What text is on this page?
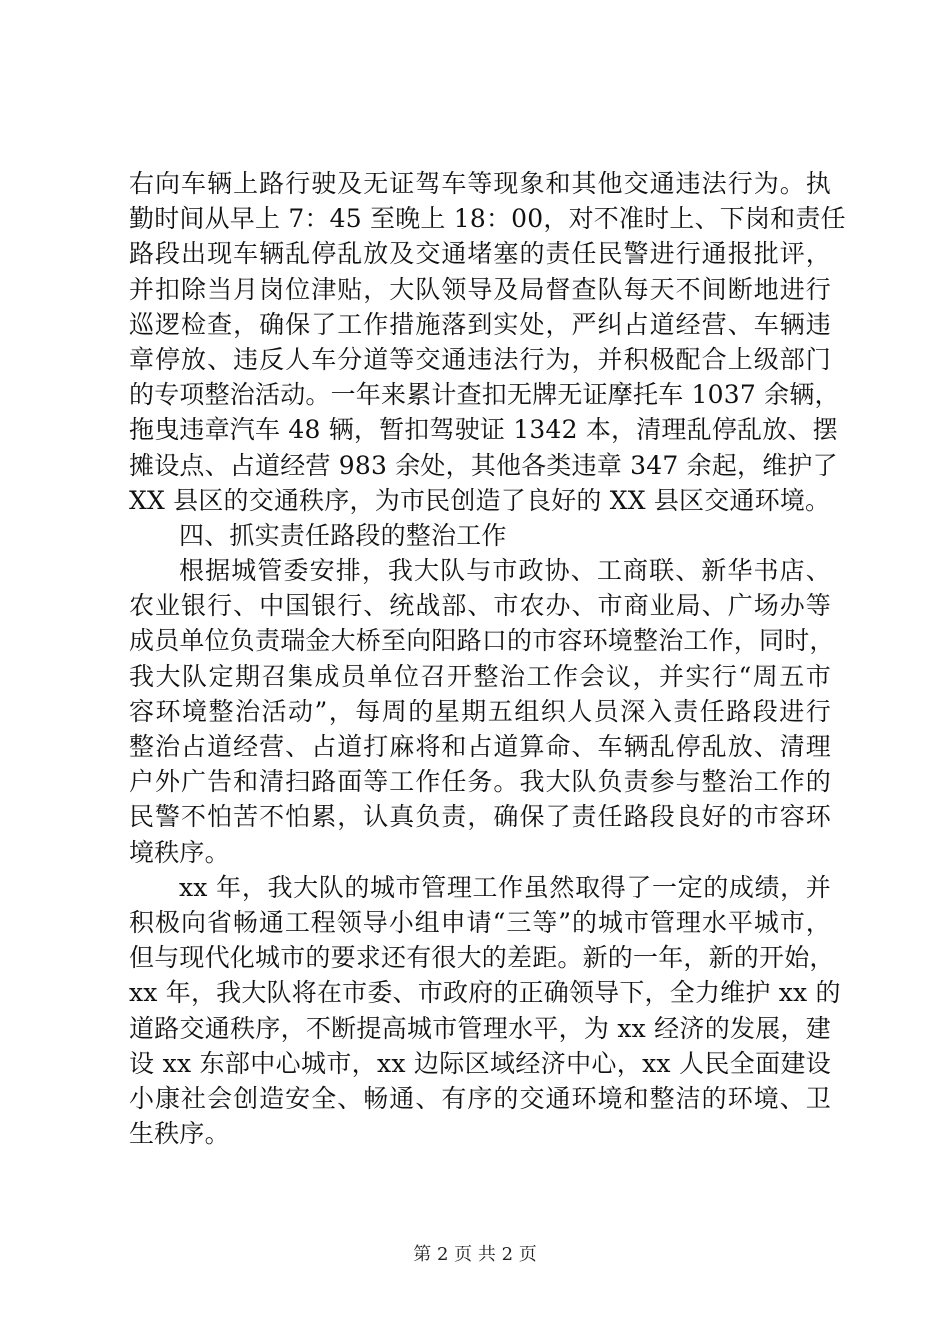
右向车辆上路行驶及无证驾车等现象和其他交通违法行为。执
勤时间从早上 7：45 至晚上 18：00，对不准时上、下岗和责任
路段出现车辆乱停乱放及交通堵塞的责任民警进行通报批评，
并扣除当月岗位津贴，大队领导及局督查队每天不间断地进行
巡逻检查，确保了工作措施落到实处，严纠占道经营、车辆违
章停放、违反人车分道等交通违法行为，并积极配合上级部门
的专项整治活动。一年来累计查扣无牌无证摩托车 1037 余辆，
拖曳违章汽车 48 辆，暂扣驾驶证 1342 本，清理乱停乱放、摆
摊设点、占道经营 983 余处，其他各类违章 347 余起，维护了
XX 县区的交通秩序，为市民创造了良好的 XX 县区交通环境。
四、抓实责任路段的整治工作
根据城管委安排，我大队与市政协、工商联、新华书店、
农业银行、中国银行、统战部、市农办、市商业局、广场办等
成员单位负责瑞金大桥至向阳路口的市容环境整治工作，同时，
我大队定期召集成员单位召开整治工作会议，并实行“周五市
容环境整治活动”，每周的星期五组织人员深入责任路段进行
整治占道经营、占道打麻将和占道算命、车辆乱停乱放、清理
户外广告和清扫路面等工作任务。我大队负责参与整治工作的
民警不怕苦不怕累，认真负责，确保了责任路段良好的市容环
境秩序。
xx 年，我大队的城市管理工作虽然取得了一定的成绩，并
积极向省畅通工程领导小组申请“三等”的城市管理水平城市，
但与现代化城市的要求还有很大的差距。新的一年，新的开始，
xx 年，我大队将在市委、市政府的正确领导下，全力维护 xx 的
道路交通秩序，不断提高城市管理水平，为 xx 经济的发展，建
设 xx 东部中心城市，xx 边际区域经济中心，xx 人民全面建设
小康社会创造安全、畅通、有序的交通环境和整洁的环境、卫
生秩序。
第 2 页 共 2 页
